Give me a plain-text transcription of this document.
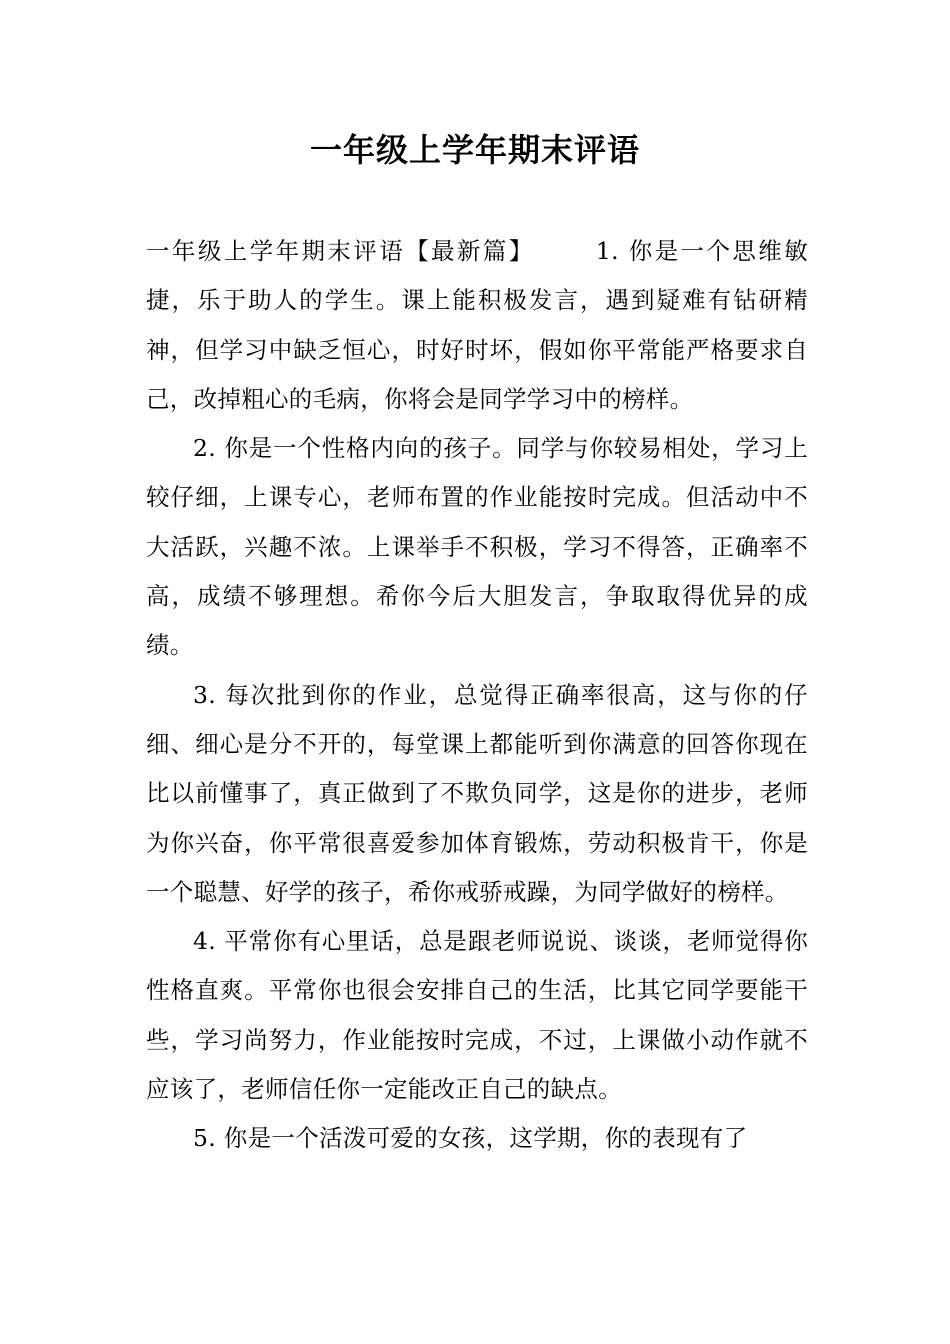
一年级上学年期末评语

一年级上学年期末评语【最新篇】	1. 你是一个思维敏捷，乐于助人的学生。课上能积极发言，遇到疑难有钻研精神，但学习中缺乏恒心，时好时坏，假如你平常能严格要求自己，改掉粗心的毛病，你将会是同学学习中的榜样。

2. 你是一个性格内向的孩子。同学与你较易相处，学习上较仔细，上课专心，老师布置的作业能按时完成。但活动中不大活跃，兴趣不浓。上课举手不积极，学习不得答，正确率不高，成绩不够理想。希你今后大胆发言，争取取得优异的成绩。

3. 每次批到你的作业，总觉得正确率很高，这与你的仔细、细心是分不开的，每堂课上都能听到你满意的回答你现在比以前懂事了，真正做到了不欺负同学，这是你的进步，老师为你兴奋，你平常很喜爱参加体育锻炼，劳动积极肯干，你是一个聪慧、好学的孩子，希你戒骄戒躁，为同学做好的榜样。

4. 平常你有心里话，总是跟老师说说、谈谈，老师觉得你性格直爽。平常你也很会安排自己的生活，比其它同学要能干些，学习尚努力，作业能按时完成，不过，上课做小动作就不应该了，老师信任你一定能改正自己的缺点。

5. 你是一个活泼可爱的女孩，这学期，你的表现有了
